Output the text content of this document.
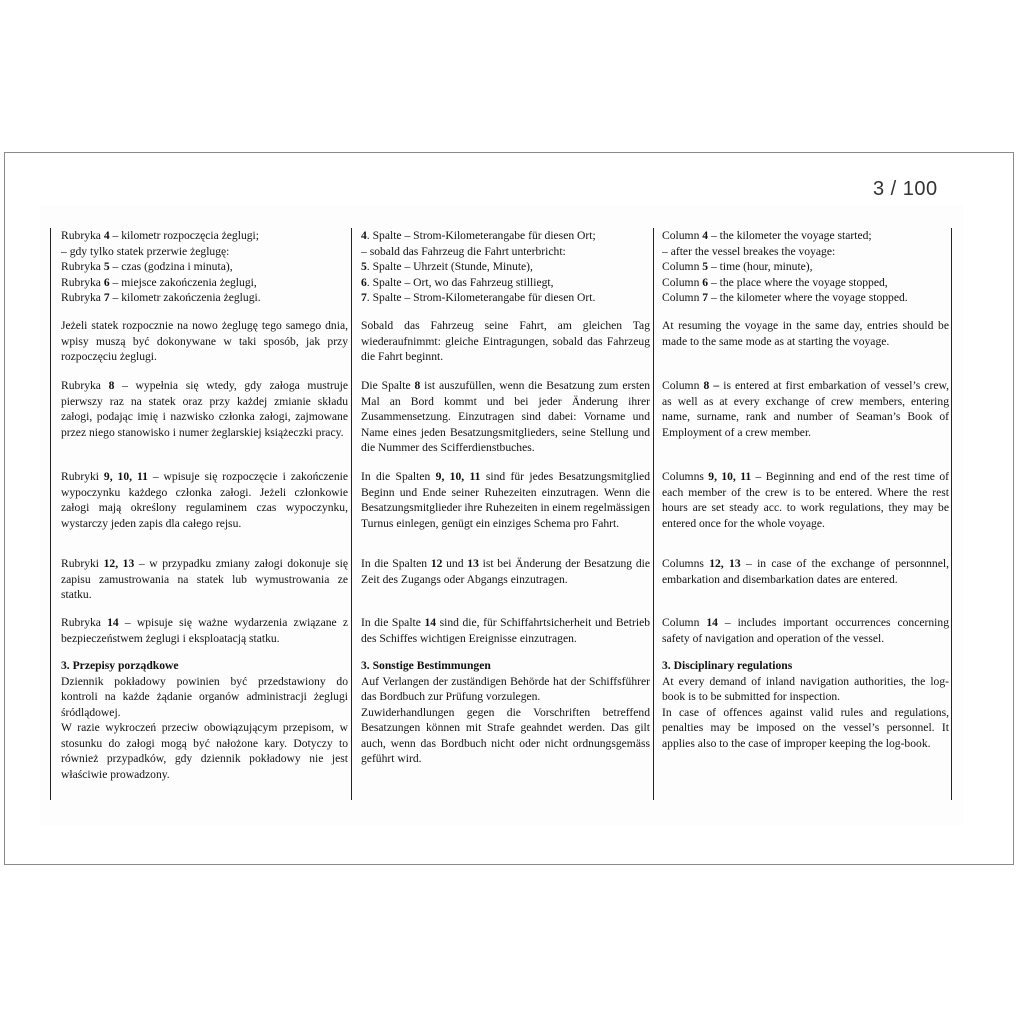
3 / 100
Rubryka 4 – kilometr rozpoczęcia żeglugi;
– gdy tylko statek przerwie żeglugę:
Rubryka 5 – czas (godzina i minuta),
Rubryka 6 – miejsce zakończenia żeglugi,
Rubryka 7 – kilometr zakończenia żeglugi.
Jeżeli statek rozpocznie na nowo żeglugę tego samego dnia, wpisy muszą być dokonywane w taki sposób, jak przy rozpoczęciu żeglugi.
Rubryka 8 – wypełnia się wtedy, gdy załoga mustruje pierwszy raz na statek oraz przy każdej zmianie składu załogi, podając imię i nazwisko członka załogi, zajmowane przez niego stanowisko i numer żeglarskiej książeczki pracy.
Rubryki 9, 10, 11 – wpisuje się rozpoczęcie i zakończenie wypoczynku każdego członka załogi. Jeżeli członkowie załogi mają określony regulaminem czas wypoczynku, wystarczy jeden zapis dla całego rejsu.
Rubryki 12, 13 – w przypadku zmiany załogi dokonuje się zapisu zamustrowania na statek lub wymustrowania ze statku.
Rubryka 14 – wpisuje się ważne wydarzenia związane z bezpieczeństwem żeglugi i eksploatacją statku.
3. Przepisy porządkowe
Dziennik pokładowy powinien być przedstawiony do kontroli na każde żądanie organów administracji żeglugi śródlądowej.
W razie wykroczeń przeciw obowiązującym przepisom, w stosunku do załogi mogą być nałożone kary. Dotyczy to również przypadków, gdy dziennik pokładowy nie jest właściwie prowadzony.
4. Spalte – Strom-Kilometerangabe für diesen Ort;
– sobald das Fahrzeug die Fahrt unterbricht:
5. Spalte – Uhrzeit (Stunde, Minute),
6. Spalte – Ort, wo das Fahrzeug stilliegt,
7. Spalte – Strom-Kilometerangabe für diesen Ort.
Sobald das Fahrzeug seine Fahrt, am gleichen Tag wiederaufnimmt: gleiche Eintragungen, sobald das Fahrzeug die Fahrt beginnt.
Die Spalte 8 ist auszufüllen, wenn die Besatzung zum ersten Mal an Bord kommt und bei jeder Änderung ihrer Zusammensetzung. Einzutragen sind dabei: Vorname und Name eines jeden Besatzungsmitglieders, seine Stellung und die Nummer des Scifferdienstbuches.
In die Spalten 9, 10, 11 sind für jedes Besatzungsmitglied Beginn und Ende seiner Ruhezeiten einzutragen. Wenn die Besatzungsmitglieder ihre Ruhezeiten in einem regelmässigen Turnus einlegen, genügt ein einziges Schema pro Fahrt.
In die Spalten 12 und 13 ist bei Änderung der Besatzung die Zeit des Zugangs oder Abgangs einzutragen.
In die Spalte 14 sind die, für Schiffahrtsicherheit und Betrieb des Schiffes wichtigen Ereignisse einzutragen.
3. Sonstige Bestimmungen
Auf Verlangen der zuständigen Behörde hat der Schiffsführer das Bordbuch zur Prüfung vorzulegen.
Zuwiderhandlungen gegen die Vorschriften betreffend Besatzungen können mit Strafe geahndet werden. Das gilt auch, wenn das Bordbuch nicht oder nicht ordnungsgemäss geführt wird.
Column 4 – the kilometer the voyage started;
– after the vessel breakes the voyage:
Column 5 – time (hour, minute),
Column 6 – the place where the voyage stopped,
Column 7 – the kilometer where the voyage stopped.
At resuming the voyage in the same day, entries should be made to the same mode as at starting the voyage.
Column 8 – is entered at first embarkation of vessel’s crew, as well as at every exchange of crew members, entering name, surname, rank and number of Seaman’s Book of Employment of a crew member.
Columns 9, 10, 11 – Beginning and end of the rest time of each member of the crew is to be entered. Where the rest hours are set steady acc. to work regulations, they may be entered once for the whole voyage.
Columns 12, 13 – in case of the exchange of personnnel, embarkation and disembarkation dates are entered.
Column 14 – includes important occurrences concerning safety of navigation and operation of the vessel.
3. Disciplinary regulations
At every demand of inland navigation authorities, the log-book is to be submitted for inspection.
In case of offences against valid rules and regulations, penalties may be imposed on the vessel’s personnel. It applies also to the case of improper keeping the log-book.
